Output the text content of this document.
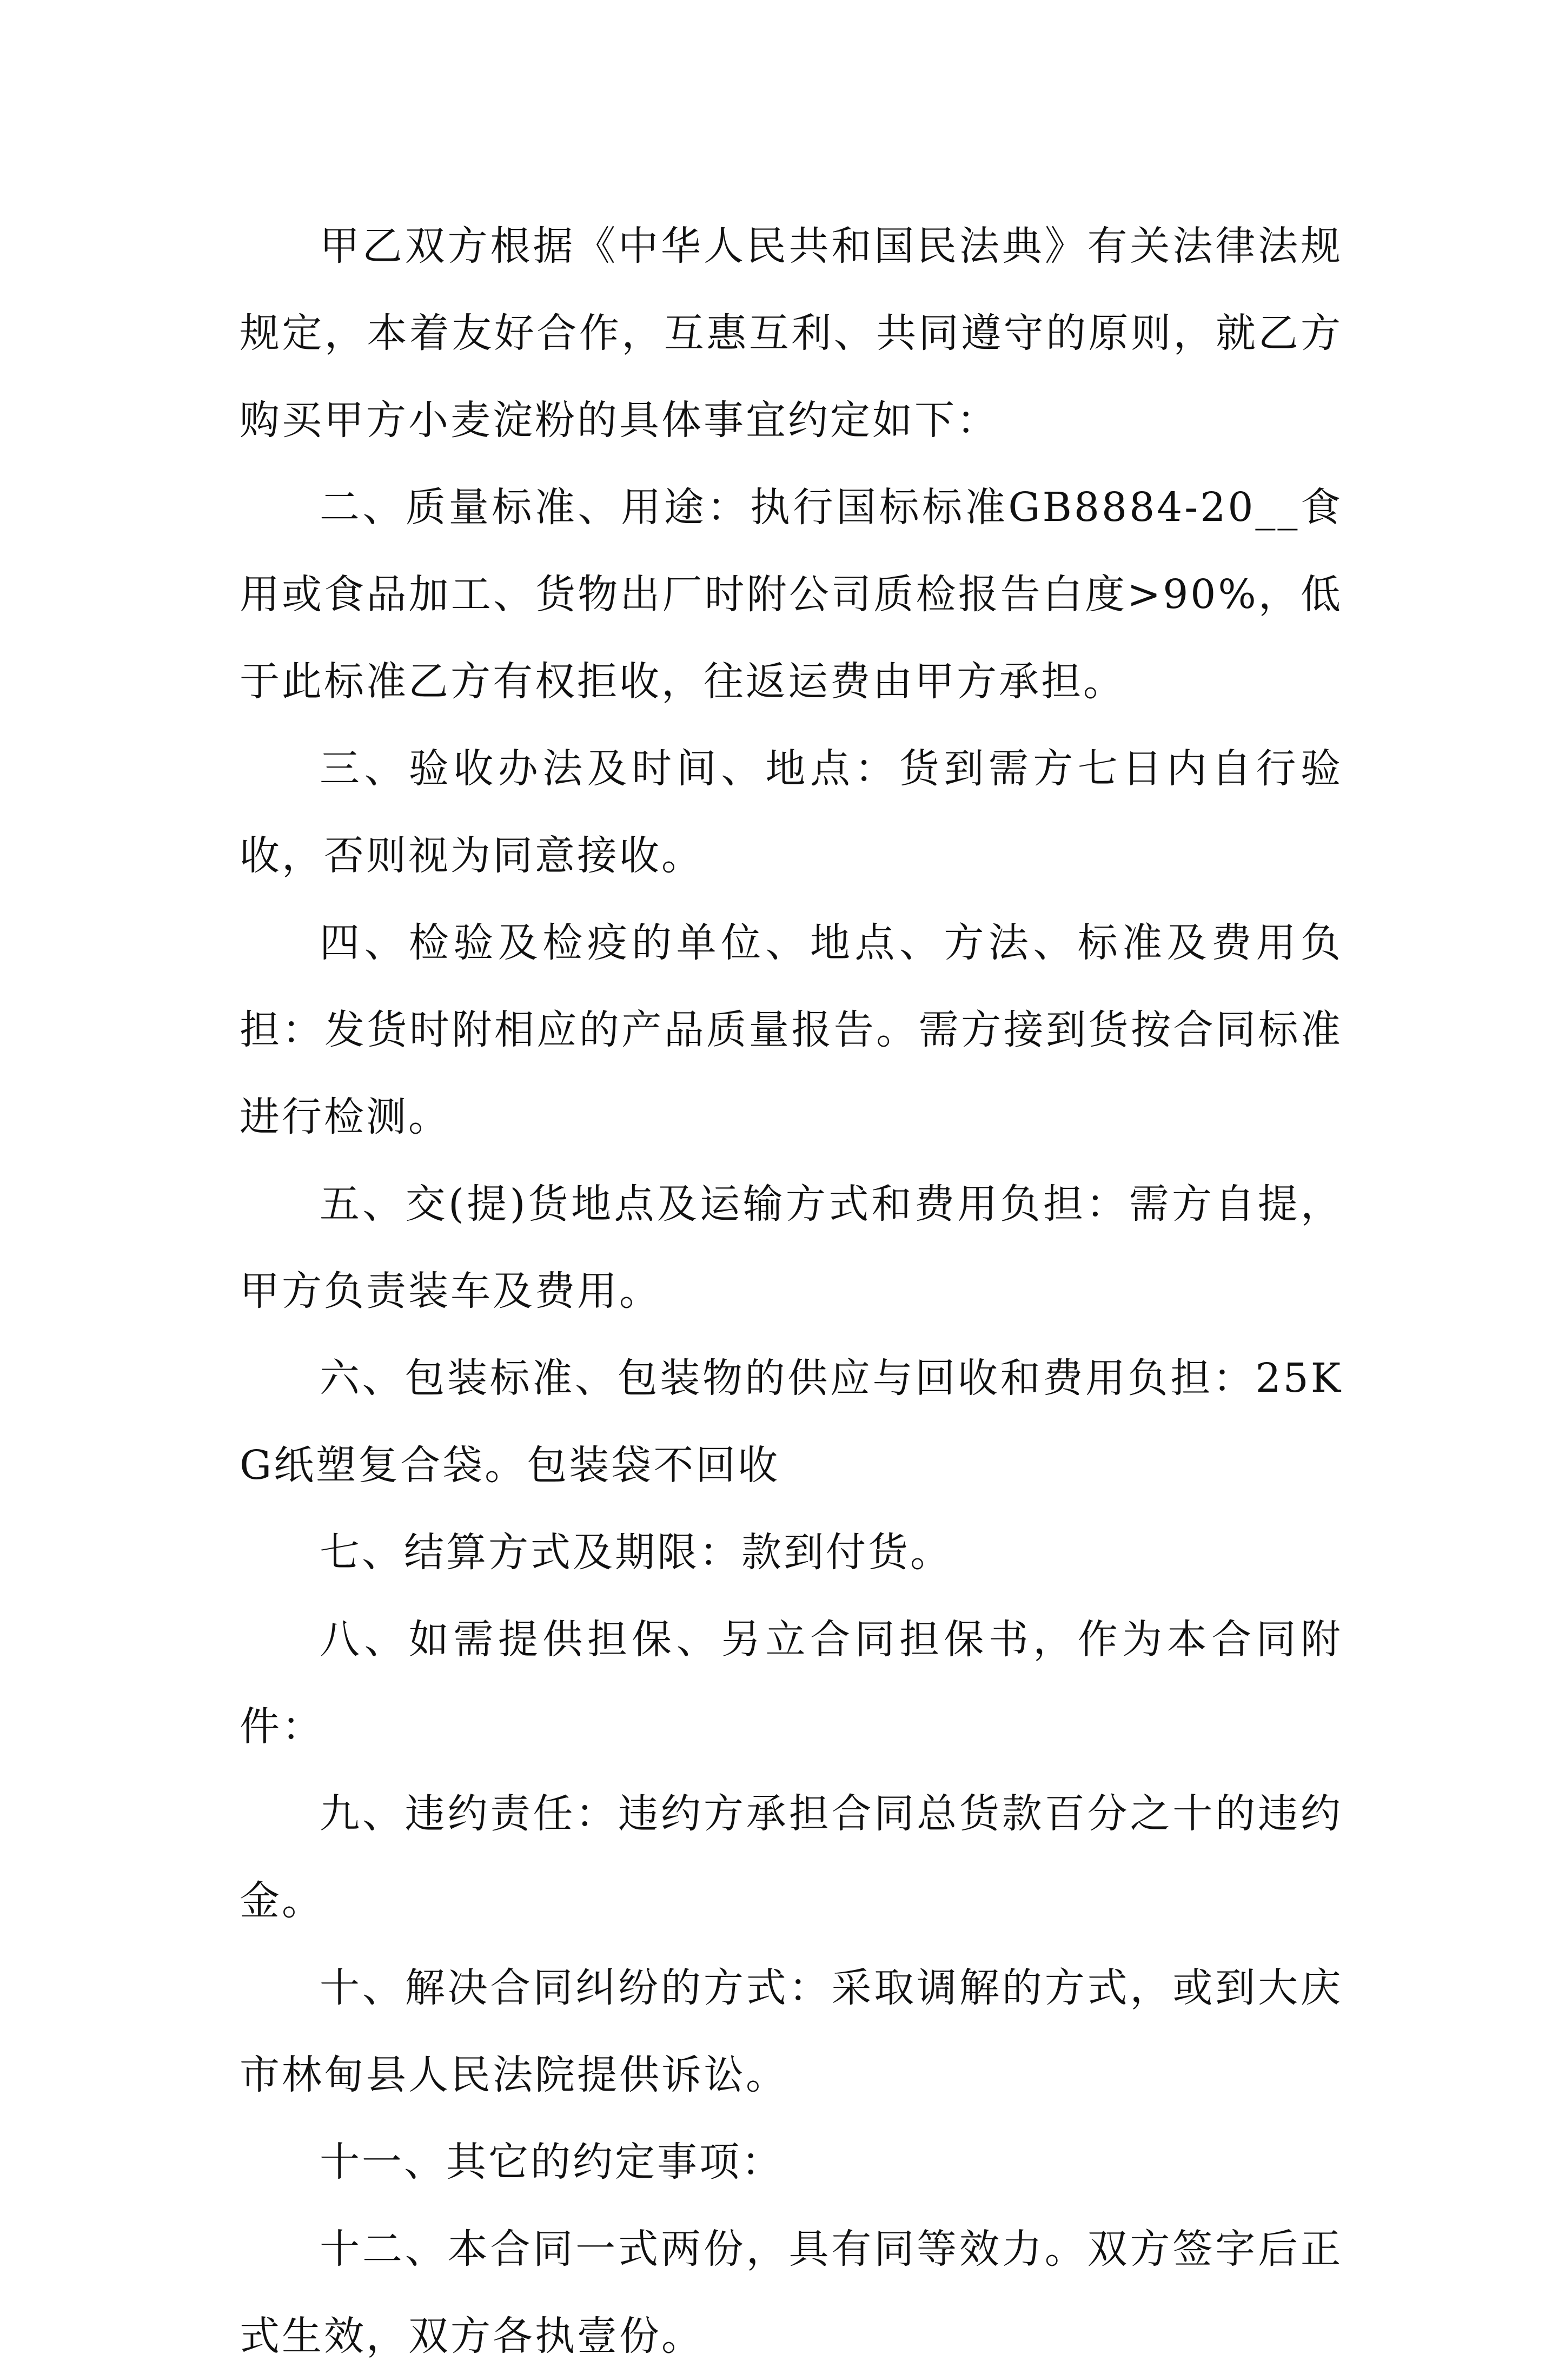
甲乙双方根据《中华人民共和国民法典》有关法律法规规定，本着友好合作，互惠互利、共同遵守的原则，就乙方购买甲方小麦淀粉的具体事宜约定如下：

二、质量标准、用途：执行国标标准GB8884-20__食用或食品加工、货物出厂时附公司质检报告白度>90%，低于此标准乙方有权拒收，往返运费由甲方承担。

三、验收办法及时间、地点：货到需方七日内自行验收，否则视为同意接收。

四、检验及检疫的单位、地点、方法、标准及费用负担：发货时附相应的产品质量报告。需方接到货按合同标准进行检测。

五、交(提)货地点及运输方式和费用负担：需方自提，甲方负责装车及费用。

六、包装标准、包装物的供应与回收和费用负担：25KG纸塑复合袋。包装袋不回收

七、结算方式及期限：款到付货。

八、如需提供担保、另立合同担保书，作为本合同附件：

九、违约责任：违约方承担合同总货款百分之十的违约金。

十、解决合同纠纷的方式：采取调解的方式，或到大庆市林甸县人民法院提供诉讼。

十一、其它的约定事项：

十二、本合同一式两份，具有同等效力。双方签字后正式生效，双方各执壹份。
